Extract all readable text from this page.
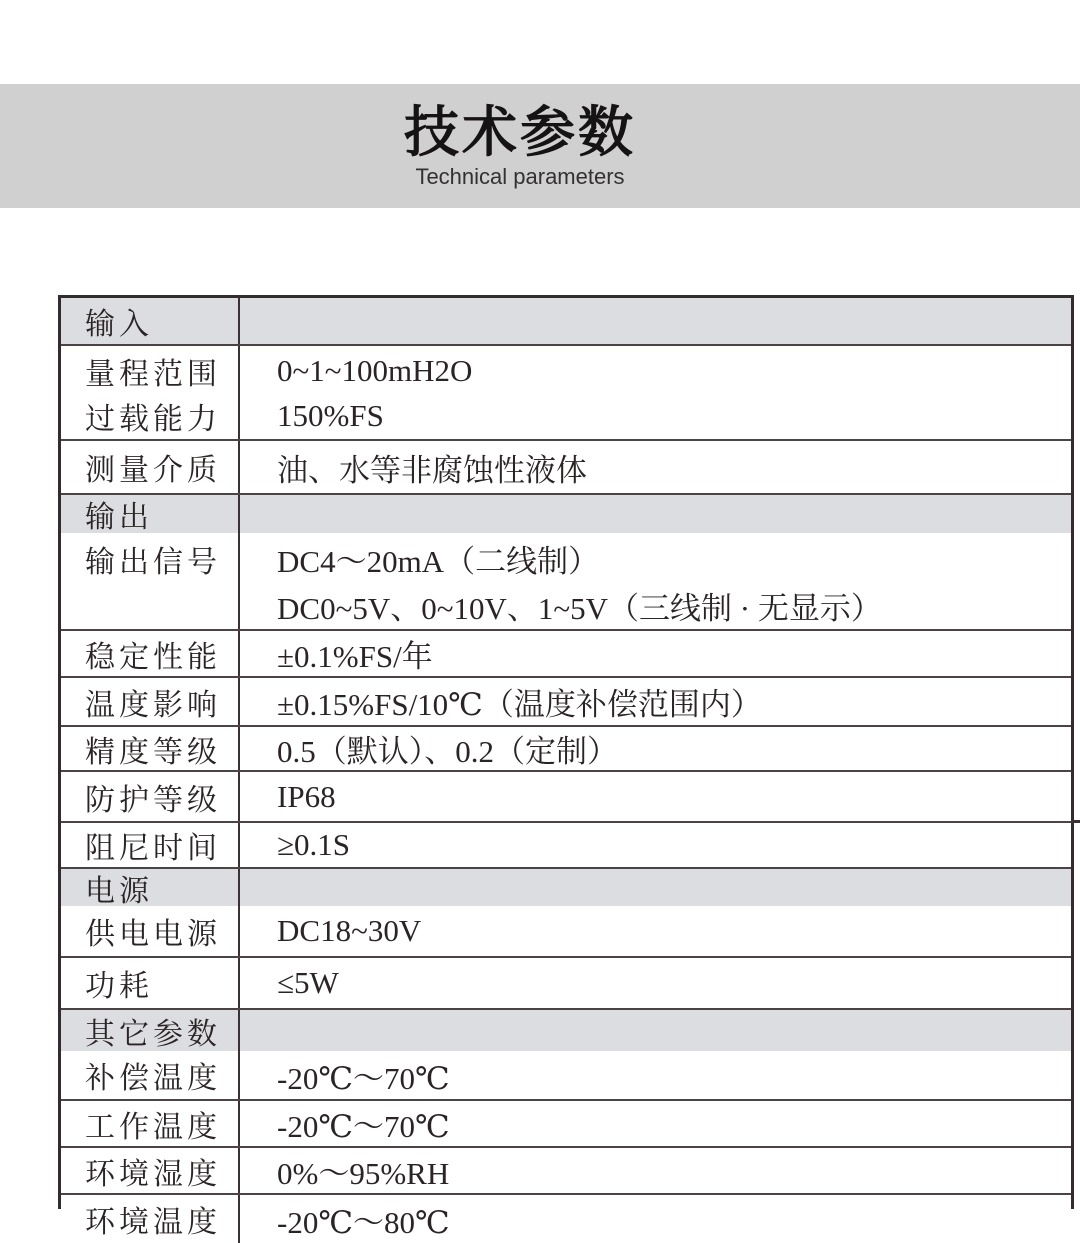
技术参数
Technical parameters
输入
量程范围
过载能力
0~1~100mH2O
150%FS
测量介质 油、水等非腐蚀性液体
输出
输出信号 DC4～20mA（二线制）
DC0~5V、0~10V、1~5V（三线制 · 无显示）
稳定性能 ±0.1%FS/年
温度影响 ±0.15%FS/10℃（温度补偿范围内）
精度等级 0.5（默认）、0.2（定制）
防护等级 IP68
阻尼时间 ≥0.1S
电源
供电电源 DC18~30V
功耗	≤5W
其它参数
补偿温度 -20℃～70℃
工作温度 -20℃～70℃
环境湿度 0%～95%RH
环境温度 -20℃～80℃
